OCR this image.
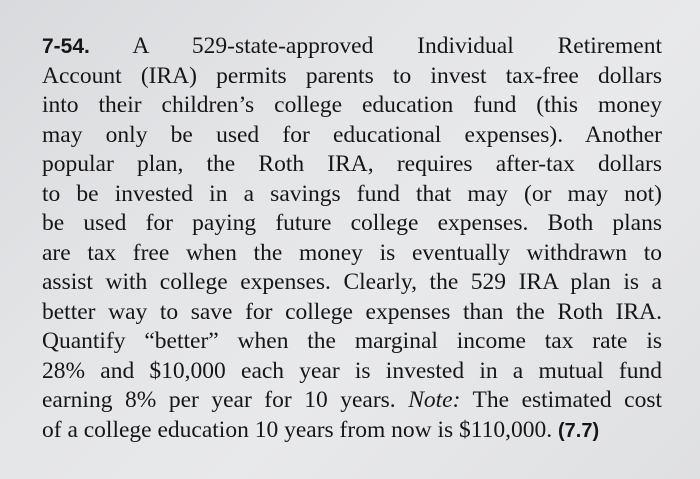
7-54. A 529-state-approved Individual Retirement
Account (IRA) permits parents to invest tax-free dollars
into their children’s college education fund (this money
may only be used for educational expenses). Another
popular plan, the Roth IRA, requires after-tax dollars
to be invested in a savings fund that may (or may not)
be used for paying future college expenses. Both plans
are tax free when the money is eventually withdrawn to
assist with college expenses. Clearly, the 529 IRA plan is a
better way to save for college expenses than the Roth IRA.
Quantify “better” when the marginal income tax rate is
28% and $10,000 each year is invested in a mutual fund
earning 8% per year for 10 years. Note: The estimated cost
of a college education 10 years from now is $110,000. (7.7)
